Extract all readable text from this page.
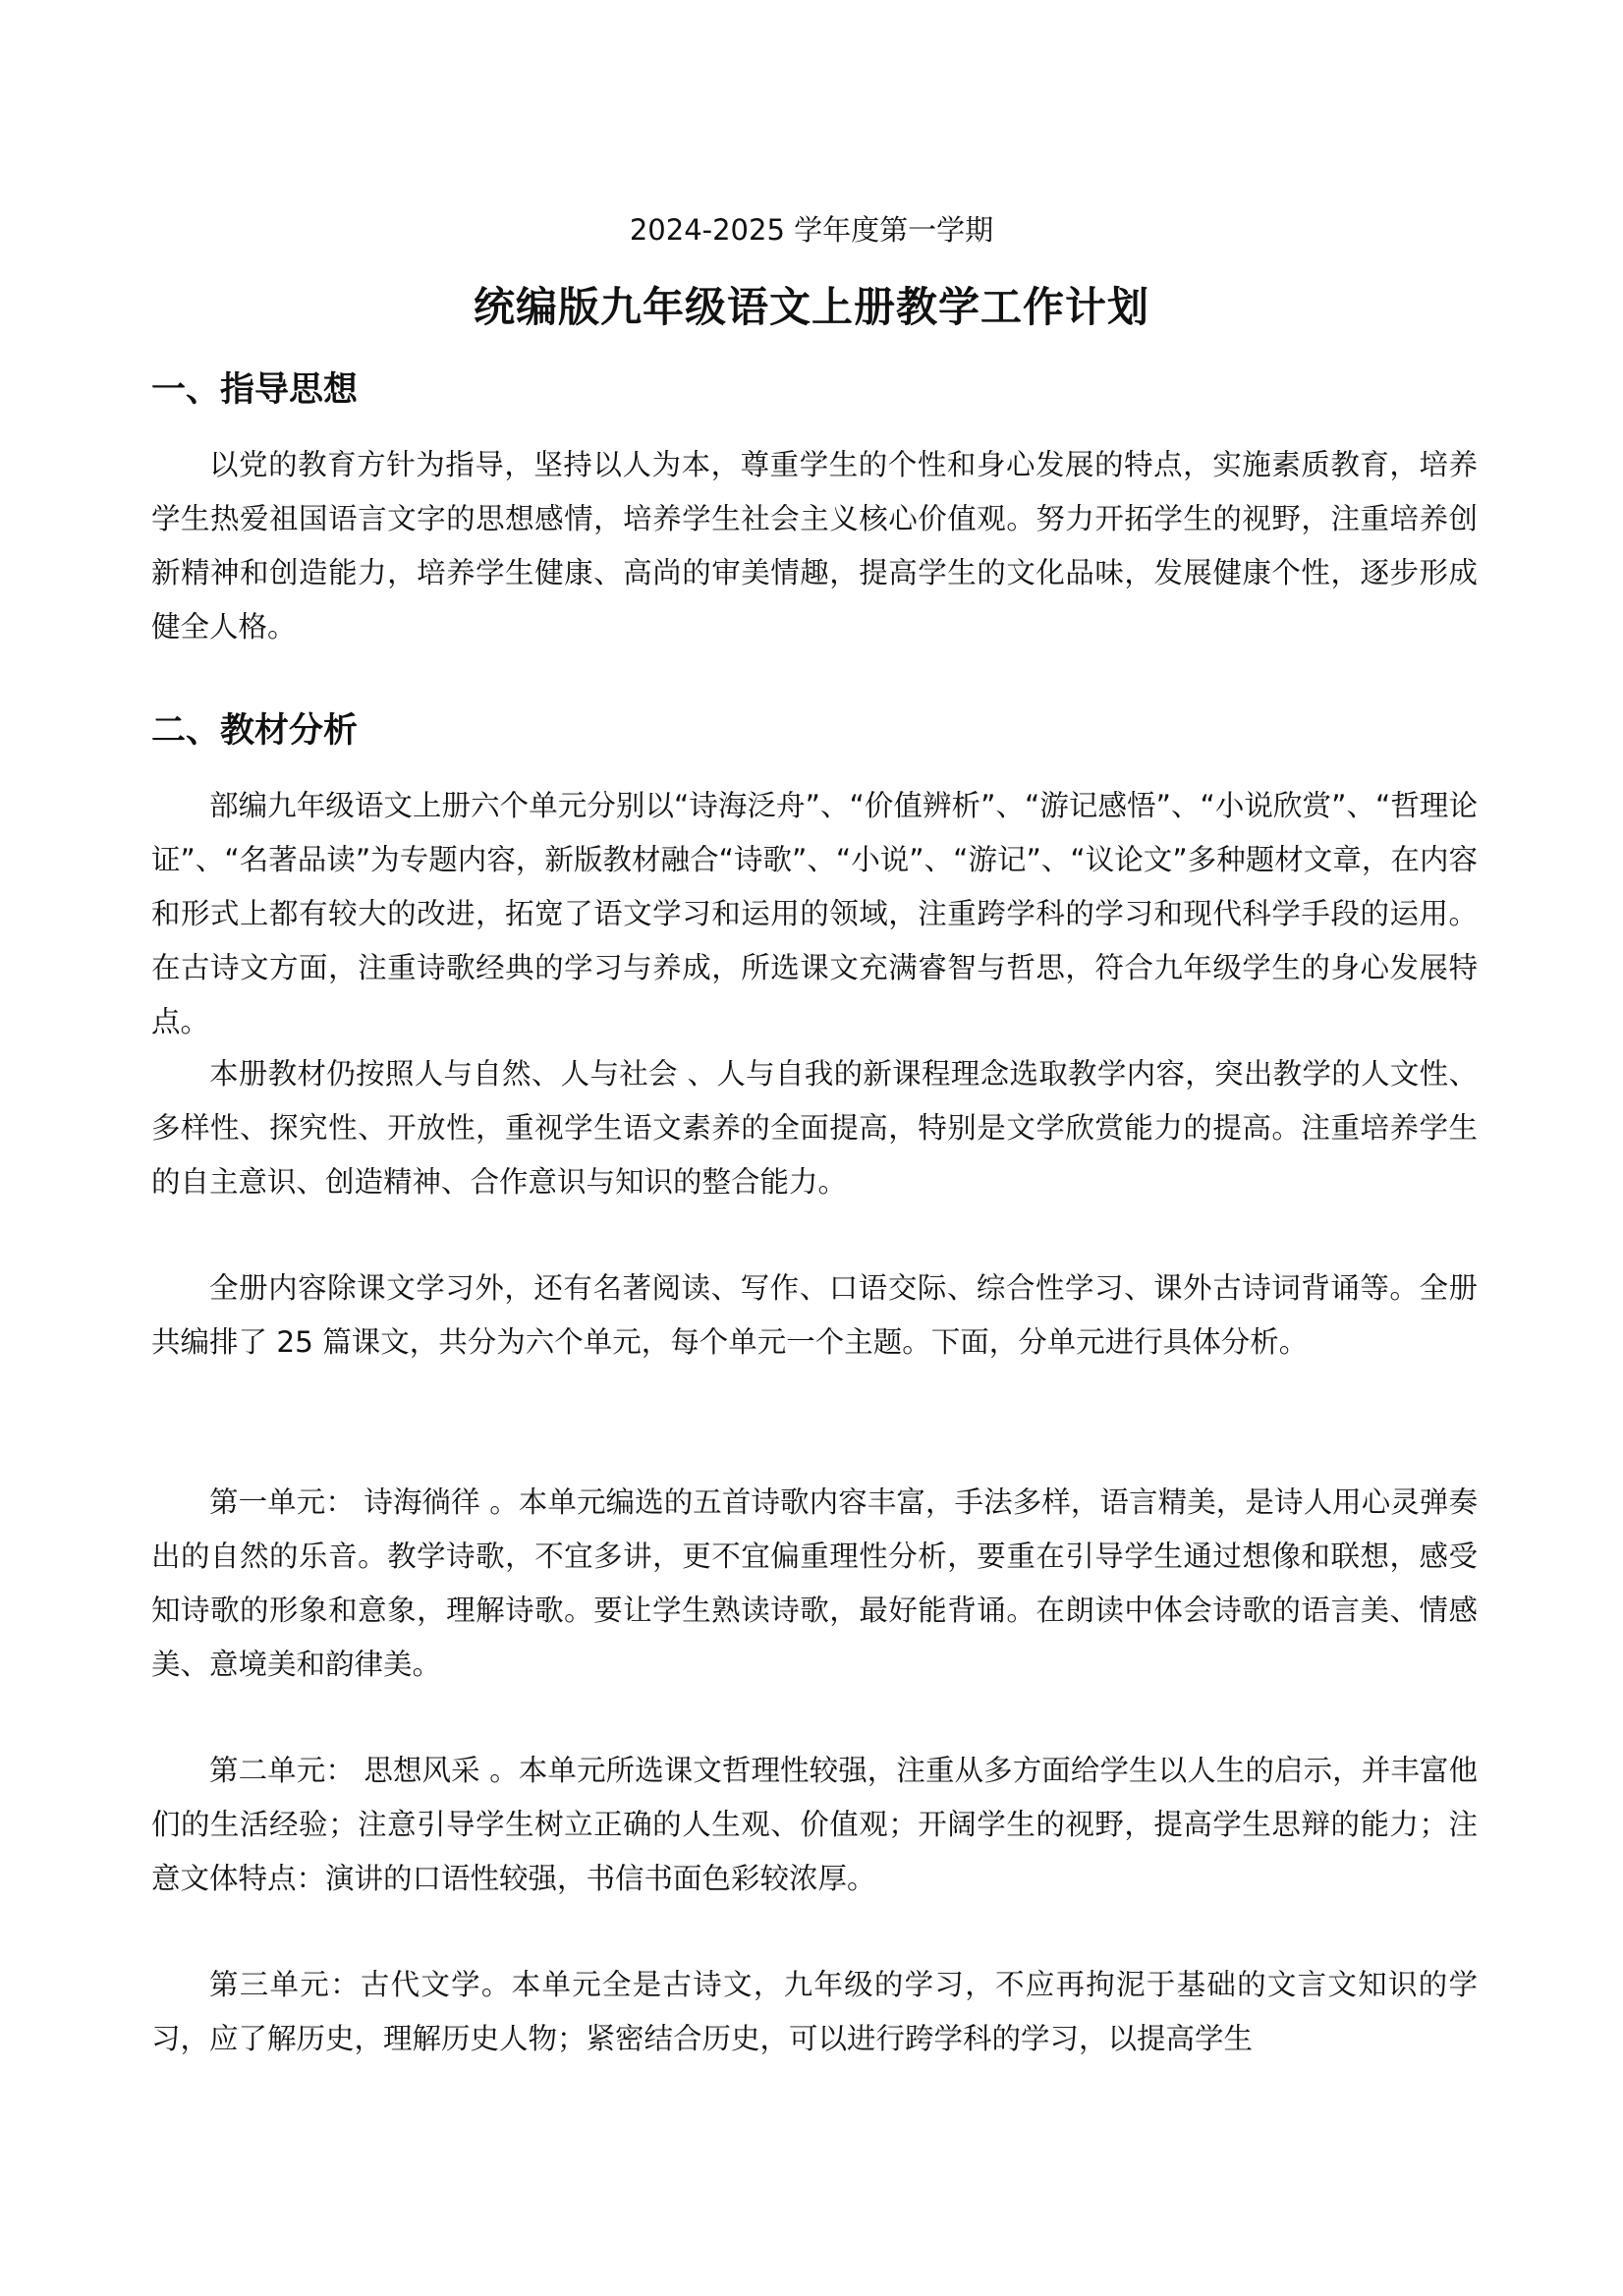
2024-2025 学年度第一学期
统编版九年级语文上册教学工作计划
一、指导思想

以党的教育方针为指导，坚持以人为本，尊重学生的个性和身心发展的特点，实施素质教育，培养学生热爱祖国语言文字的思想感情，培养学生社会主义核心价值观。努力开拓学生的视野，注重培养创新精神和创造能力，培养学生健康、高尚的审美情趣，提高学生的文化品味，发展健康个性，逐步形成健全人格。

二、教材分析

部编九年级语文上册六个单元分别以“诗海泛舟”、“价值辨析”、“游记感悟”、“小说欣赏”、“哲理论证”、“名著品读”为专题内容，新版教材融合“诗歌”、“小说”、“游记”、“议论文”多种题材文章，在内容和形式上都有较大的改进，拓宽了语文学习和运用的领域，注重跨学科的学习和现代科学手段的运用。在古诗文方面，注重诗歌经典的学习与养成，所选课文充满睿智与哲思，符合九年级学生的身心发展特点。

本册教材仍按照人与自然、人与社会 、人与自我的新课程理念选取教学内容，突出教学的人文性、多样性、探究性、开放性，重视学生语文素养的全面提高，特别是文学欣赏能力的提高。注重培养学生的自主意识、创造精神、合作意识与知识的整合能力。

全册内容除课文学习外，还有名著阅读、写作、口语交际、综合性学习、课外古诗词背诵等。全册共编排了 25 篇课文，共分为六个单元，每个单元一个主题。下面，分单元进行具体分析。

第一单元： 诗海徜徉 。本单元编选的五首诗歌内容丰富，手法多样，语言精美，是诗人用心灵弹奏出的自然的乐音。教学诗歌，不宜多讲，更不宜偏重理性分析，要重在引导学生通过想像和联想，感受知诗歌的形象和意象，理解诗歌。要让学生熟读诗歌，最好能背诵。在朗读中体会诗歌的语言美、情感美、意境美和韵律美。

第二单元： 思想风采 。本单元所选课文哲理性较强，注重从多方面给学生以人生的启示，并丰富他们的生活经验；注意引导学生树立正确的人生观、价值观；开阔学生的视野，提高学生思辩的能力；注意文体特点：演讲的口语性较强，书信书面色彩较浓厚。

第三单元：古代文学。本单元全是古诗文，九年级的学习，不应再拘泥于基础的文言文知识的学习，应了解历史，理解历史人物；紧密结合历史，可以进行跨学科的学习，以提高学生
